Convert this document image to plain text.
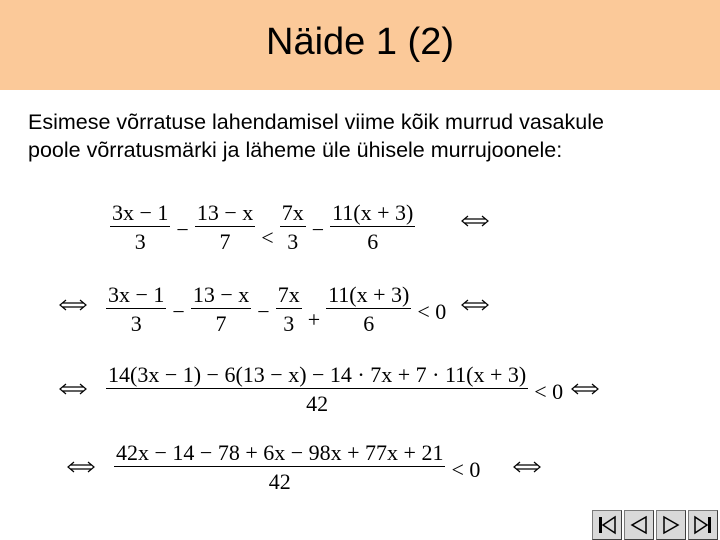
Näide 1 (2)
Esimese võrratuse lahendamisel viime kõik murrud vasakule
poole võrratusmärki ja läheme üle ühisele murrujoonele:
$\frac{3x - 1}{3} - \frac{13 - x}{7} < \frac{7x}{3} - \frac{11(x + 3)}{6}$
$\frac{3x - 1}{3} - \frac{13 - x}{7} - \frac{7x}{3} + \frac{11(x + 3)}{6} < 0$
$\frac{14(3x - 1) - 6(13 - x) - 14 \cdot 7x + 7 \cdot 11(x + 3)}{42} < 0$
$\frac{42x - 14 - 78 + 6x - 98x + 77x + 21}{42} < 0$
